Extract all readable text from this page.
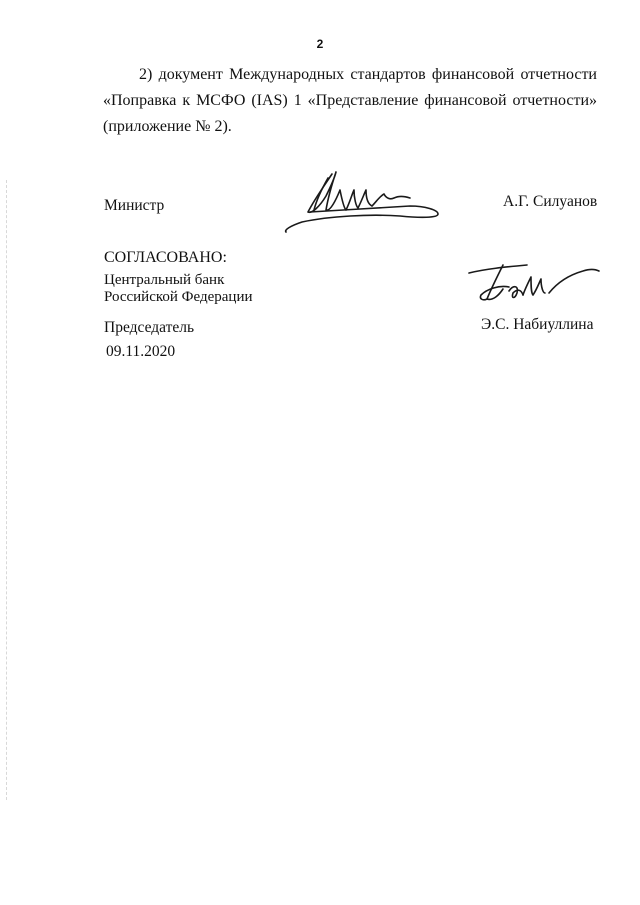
2
2) документ Международных стандартов финансовой отчетности
«Поправка к МСФО (IAS) 1 «Представление финансовой отчетности»
(приложение № 2).
Министр	А.Г. Силуанов
СОГЛАСОВАНО:
Центральный банк
Российской Федерации
Председатель	Э.С. Набиуллина
09.11.2020
